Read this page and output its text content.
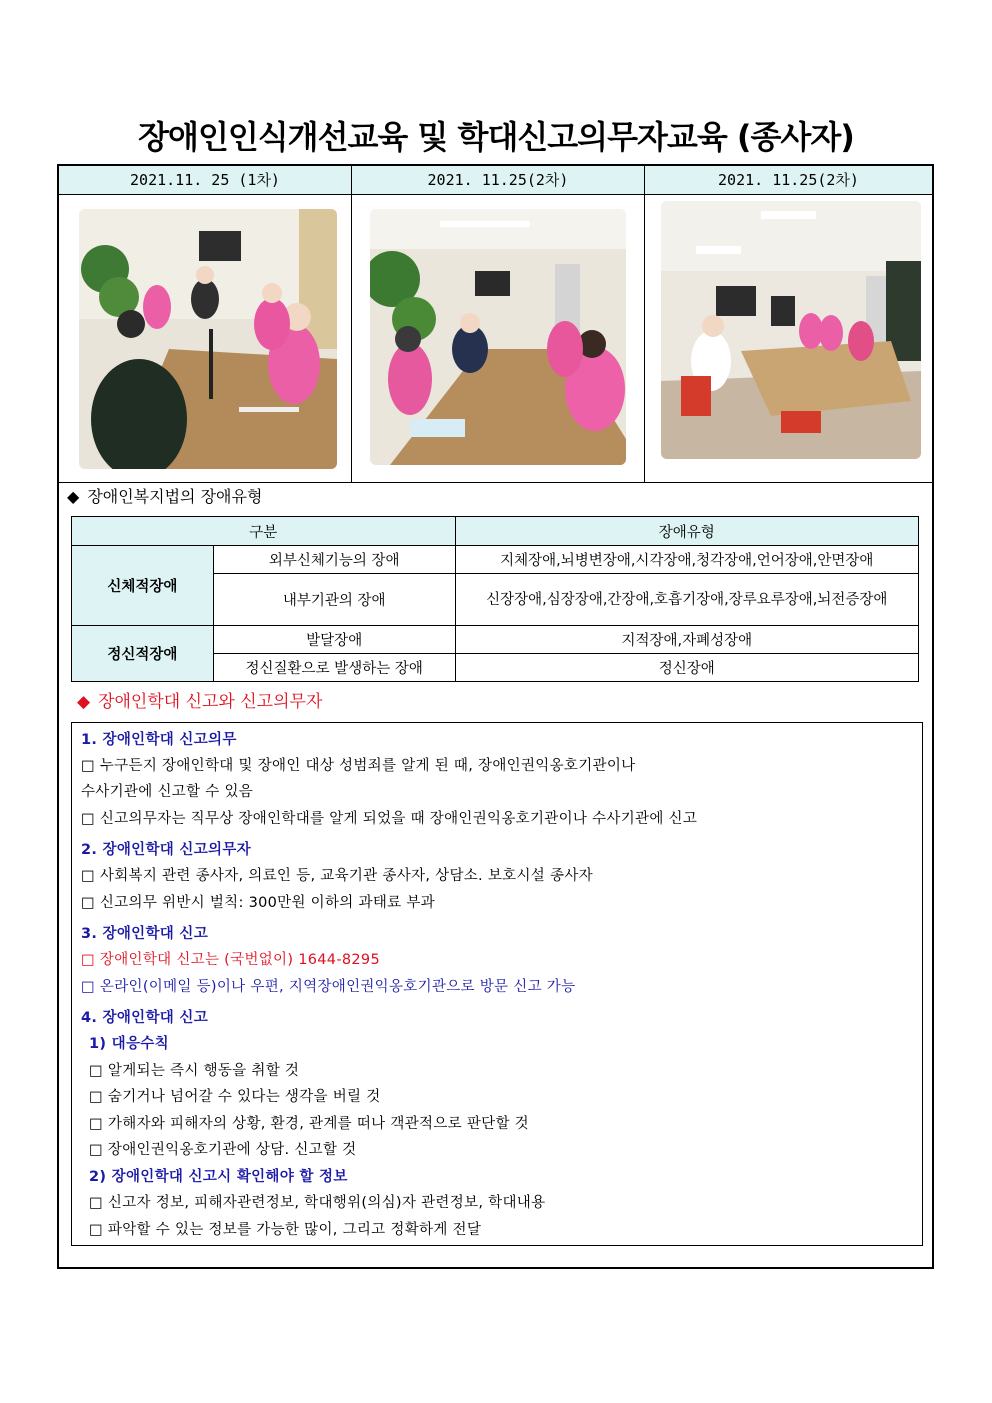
장애인인식개선교육 및 학대신고의무자교육 (종사자)
2021.11. 25 (1차)	2021. 11.25(2차)	2021. 11.25(2차)
◆ 장애인복지법의 장애유형
구분		장애유형
신체적장애	외부신체기능의 장애	지체장애,뇌병변장애,시각장애,청각장애,언어장애,안면장애
	내부기관의 장애	신장장애,심장장애,간장애,호흡기장애,장루요루장애,뇌전증장애
정신적장애	발달장애	지적장애,자폐성장애
	정신질환으로 발생하는 장애	정신장애
◆ 장애인학대 신고와 신고의무자
1. 장애인학대 신고의무
□ 누구든지 장애인학대 및 장애인 대상 성범죄를 알게 된 때, 장애인권익옹호기관이나
수사기관에 신고할 수 있음
□ 신고의무자는 직무상 장애인학대를 알게 되었을 때 장애인권익옹호기관이나 수사기관에 신고
2. 장애인학대 신고의무자
□ 사회복지 관련 종사자, 의료인 등, 교육기관 종사자, 상담소. 보호시설 종사자
□ 신고의무 위반시 벌칙: 300만원 이하의 과태료 부과
3. 장애인학대 신고
□ 장애인학대 신고는 (국번없이) 1644-8295
□ 온라인(이메일 등)이나 우편, 지역장애인권익옹호기관으로 방문 신고 가능
4. 장애인학대 신고
1) 대응수칙
□ 알게되는 즉시 행동을 취할 것
□ 숨기거나 넘어갈 수 있다는 생각을 버릴 것
□ 가해자와 피해자의 상황, 환경, 관계를 떠나 객관적으로 판단할 것
□ 장애인권익옹호기관에 상담. 신고할 것
2) 장애인학대 신고시 확인해야 할 정보
□ 신고자 정보, 피해자관련정보, 학대행위(의심)자 관련정보, 학대내용
□ 파악할 수 있는 정보를 가능한 많이, 그리고 정확하게 전달
